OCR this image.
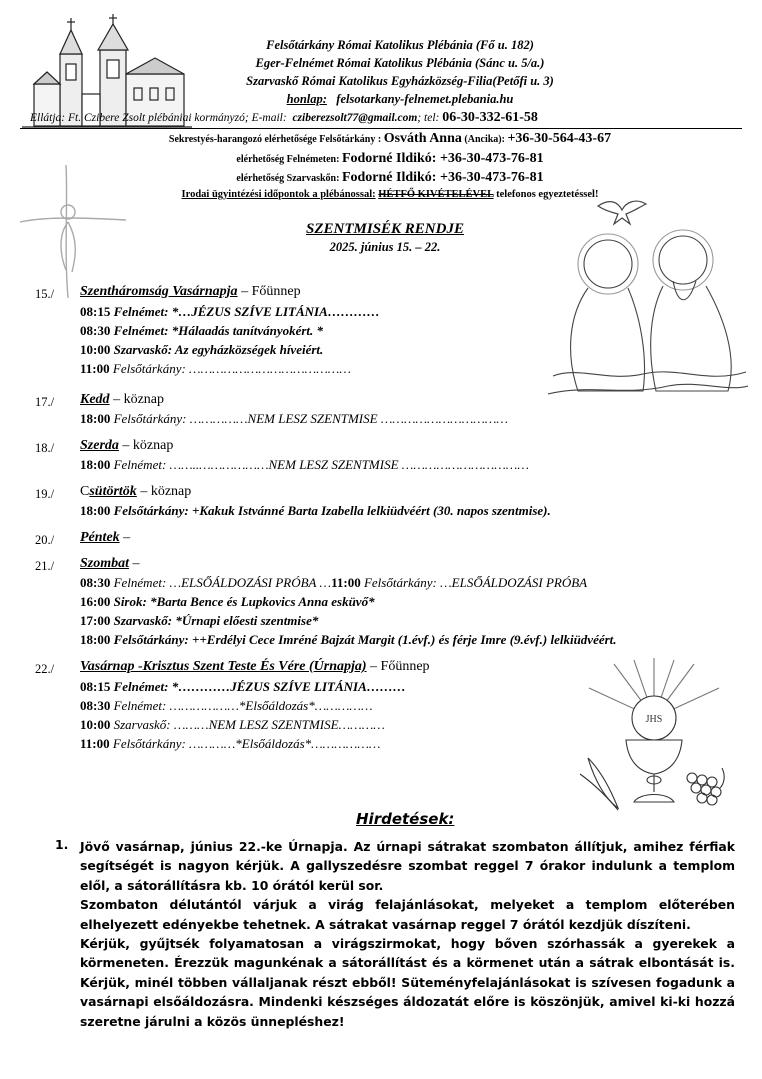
JHS
Felsőtárkány Római Katolikus Plébánia (Fő u. 182)
Eger-Felnémet Római Katolikus Plébánia (Sánc u. 5/a.)
Szarvaskő Római Katolikus Egyházközség-Filia(Petőfi u. 3)
honlap: felsotarkany-felnemet.plebania.hu
Ellátja: Ft. Czibere Zsolt plébániai kormányzó; E-mail: cziberezsolt77@gmail.com; tel: 06-30-332-61-58
Sekrestyés-harangozó elérhetősége Felsőtárkány : Osváth Anna (Ancika): +36-30-564-43-67
elérhetőség Felnémeten: Fodorné Ildikó: +36-30-473-76-81
elérhetőség Szarvaskőn: Fodorné Ildikó: +36-30-473-76-81
Irodai ügyintézési időpontok a plébánossal: HÉTFŐ KIVÉTELÉVEL telefonos egyeztetéssel!
SZENTMISÉK RENDJE
2025. június 15. – 22.
15./ Szentháromság Vasárnapja – Főünnep
08:15 Felnémet: *…JÉZUS SZÍVE LITÁNIA…………
08:30 Felnémet: *Hálaadás tanítványokért. *
10:00 Szarvaskő: Az egyházközségek híveiért.
11:00 Felsőtárkány: ……………………………………
17./ Kedd – köznap
18:00 Felsőtárkány: ……………NEM LESZ SZENTMISE ……………………………
18./ Szerda – köznap
18:00 Felnémet: ……..………………NEM LESZ SZENTMISE ……………………………
19./ Csütörtök – köznap
18:00 Felsőtárkány: +Kakuk Istvánné Barta Izabella lelkiüdvéért (30. napos szentmise).
20./ Péntek –
21./ Szombat –
08:30 Felnémet: …ELSŐÁLDOZÁSI PRÓBA …11:00 Felsőtárkány: …ELSŐÁLDOZÁSI PRÓBA
16:00 Sirok: *Barta Bence és Lupkovics Anna esküvő*
17:00 Szarvaskő: *Úrnapi előesti szentmise*
18:00 Felsőtárkány: ++Erdélyi Cece Imréné Bajzát Margit (1.évf.) és férje Imre (9.évf.) lelkiüdvéért.
22./ Vasárnap -Krisztus Szent Teste És Vére (Úrnapja) – Főünnep
08:15 Felnémet: *…………JÉZUS SZÍVE LITÁNIA………
08:30 Felnémet: ………………*Elsőáldozás*……………
10:00 Szarvaskő: ………NEM LESZ SZENTMISE…………
11:00 Felsőtárkány: …………*Elsőáldozás*………………
Hirdetések:
1. Jövő vasárnap, június 22.-ke Úrnapja. Az úrnapi sátrakat szombaton állítjuk, amihez férfiak segítségét is nagyon kérjük. A gallyszedésre szombat reggel 7 órakor indulunk a templom elől, a sátorállításra kb. 10 órától kerül sor.

Szombaton délutántól várjuk a virág felajánlásokat, melyeket a templom előterében elhelyezett edényekbe tehetnek. A sátrakat vasárnap reggel 7 órától kezdjük díszíteni.

Kérjük, gyűjtsék folyamatosan a virágszirmokat, hogy bőven szórhassák a gyerekek a körmeneten. Érezzük magunkénak a sátorállítást és a körmenet után a sátrak elbontását is. Kérjük, minél többen vállaljanak részt ebből! Süteményfelajánlásokat is szívesen fogadunk a vasárnapi elsőáldozásra. Mindenki készséges áldozatát előre is köszönjük, amivel ki-ki hozzá szeretne járulni a közös ünnepléshez!
